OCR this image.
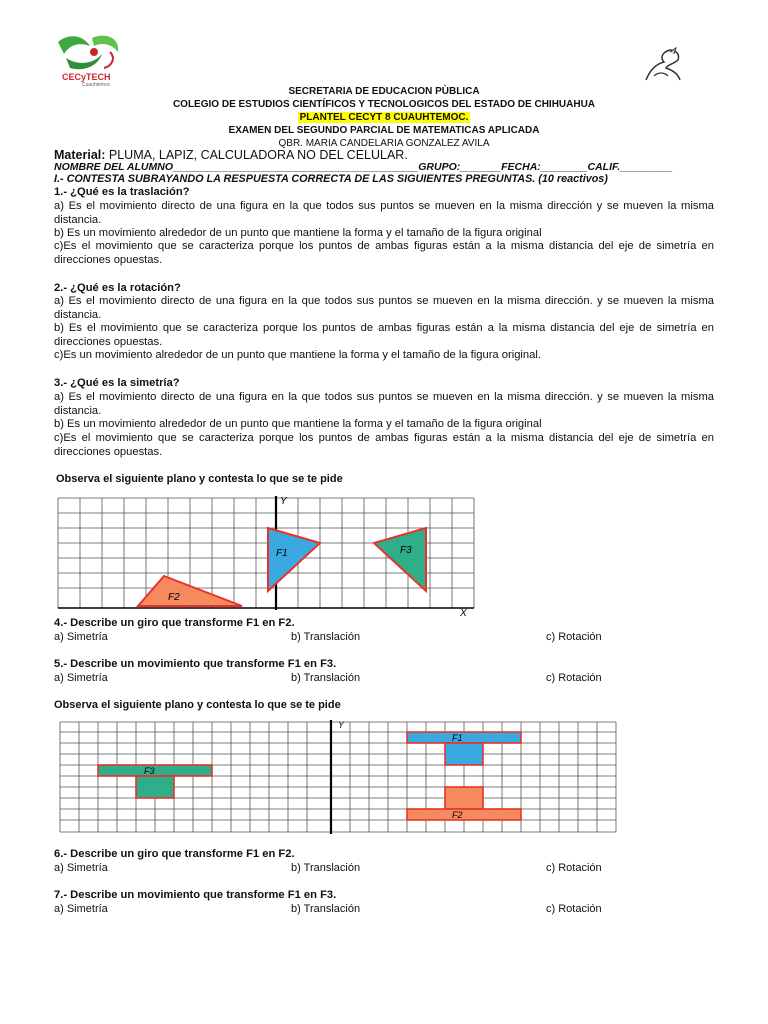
CECyTECH
Cuauhtémoc
SECRETARIA DE EDUCACION PÙBLICA
COLEGIO DE ESTUDIOS CIENTÍFICOS Y TECNOLOGICOS DEL ESTADO DE CHIHUAHUA
PLANTEL CECYT 8 CUAUHTEMOC.
EXAMEN DEL SEGUNDO PARCIAL DE MATEMATICAS APLICADA
QBR. MARIA CANDELARIA GONZALEZ AVILA
Material: PLUMA, LAPIZ, CALCULADORA NO DEL CELULAR.
NOMBRE DEL ALUMNO__________________________________________GRUPO:_______FECHA:________CALIF._________
I.- CONTESTA SUBRAYANDO LA RESPUESTA CORRECTA DE LAS SIGUIENTES PREGUNTAS. (10 reactivos)
1.- ¿Qué es la traslación?
a) Es el movimiento directo de una figura en la que todos sus puntos se mueven en la misma dirección y se mueven la misma distancia.
b) Es un movimiento alrededor de un punto que mantiene la forma y el tamaño de la figura original
c)Es el movimiento que se caracteriza porque los puntos de ambas figuras están a la misma distancia del eje de simetría en direcciones opuestas.
2.- ¿Qué es la rotación?
a) Es el movimiento directo de una figura en la que todos sus puntos se mueven en la misma dirección. y se mueven la misma distancia.
b) Es el movimiento que se caracteriza porque los puntos de ambas figuras están a la misma distancia del eje de simetría en direcciones opuestas.
c)Es un movimiento alrededor de un punto que mantiene la forma y el tamaño de la figura original.
3.- ¿Qué es la simetría?
a) Es el movimiento directo de una figura en la que todos sus puntos se mueven en la misma dirección. y se mueven la misma distancia.
b) Es un movimiento alrededor de un punto que mantiene la forma y el tamaño de la figura original
c)Es el movimiento que se caracteriza porque los puntos de ambas figuras están a la misma distancia del eje de simetría en direcciones opuestas.
Observa el siguiente plano y contesta lo que se te pide
Y
X
F1	F3
F2
4.- Describe un giro que transforme F1 en F2.
a) Simetría	b) Translación	c) Rotación
5.- Describe un movimiento que transforme F1 en F3.
a) Simetría	b) Translación	c) Rotación
Observa el siguiente plano y contesta lo que se te pide
Y
F1
F3
F2
6.- Describe un giro que transforme F1 en F2.
a) Simetría	b) Translación	c) Rotación
7.- Describe un movimiento que transforme F1 en F3.
a) Simetría	b) Translación	c) Rotación
